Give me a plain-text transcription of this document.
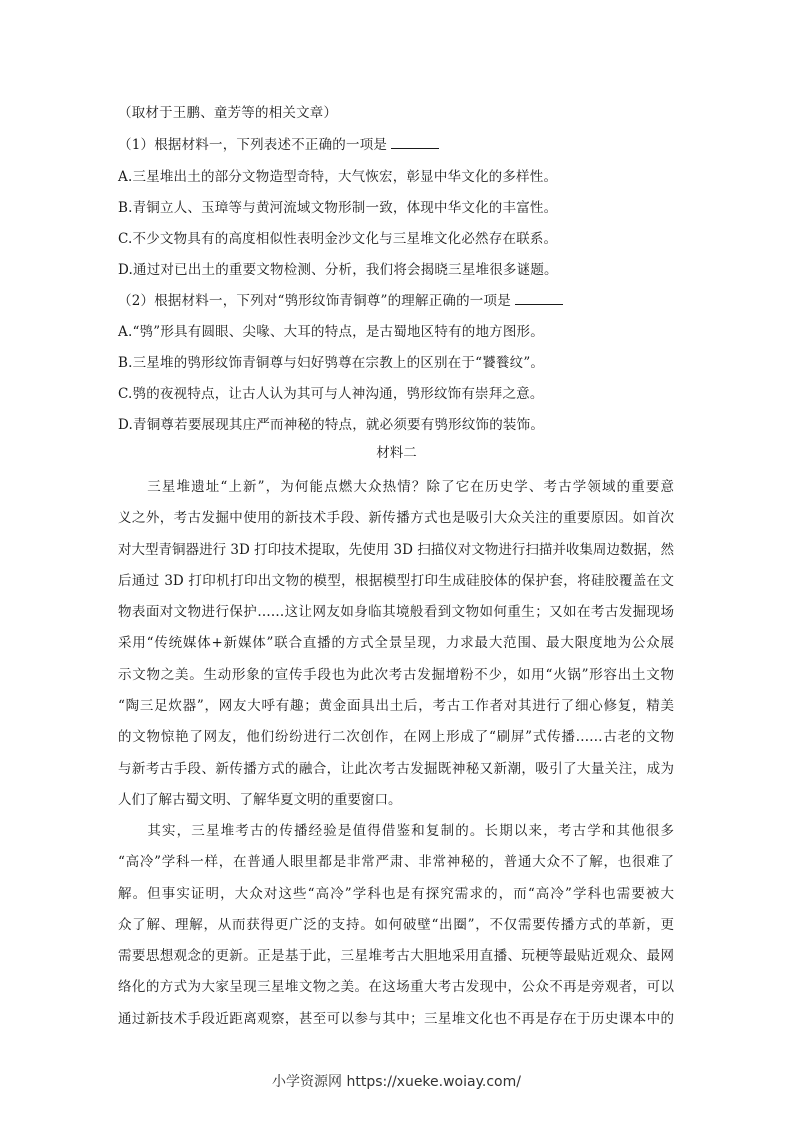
（取材于王鹏、童芳等的相关文章）
（1）根据材料一，下列表述不正确的一项是
A.三星堆出土的部分文物造型奇特，大气恢宏，彰显中华文化的多样性。
B.青铜立人、玉璋等与黄河流域文物形制一致，体现中华文化的丰富性。
C.不少文物具有的高度相似性表明金沙文化与三星堆文化必然存在联系。
D.通过对已出土的重要文物检测、分析，我们将会揭晓三星堆很多谜题。
（2）根据材料一，下列对“鸮形纹饰青铜尊”的理解正确的一项是
A.“鸮”形具有圆眼、尖喙、大耳的特点，是古蜀地区特有的地方图形。
B.三星堆的鸮形纹饰青铜尊与妇好鸮尊在宗教上的区别在于“饕餮纹”。
C.鸮的夜视特点，让古人认为其可与人神沟通，鸮形纹饰有崇拜之意。
D.青铜尊若要展现其庄严而神秘的特点，就必须要有鸮形纹饰的装饰。
材料二
　　三星堆遗址“上新”，为何能点燃大众热情？除了它在历史学、考古学领域的重要意
义之外，考古发掘中使用的新技术手段、新传播方式也是吸引大众关注的重要原因。如首次
对大型青铜器进行 3D 打印技术提取，先使用 3D 扫描仪对文物进行扫描并收集周边数据，然
后通过 3D 打印机打印出文物的模型，根据模型打印生成硅胶体的保护套，将硅胶覆盖在文
物表面对文物进行保护……这让网友如身临其境般看到文物如何重生；又如在考古发掘现场
采用“传统媒体+新媒体”联合直播的方式全景呈现，力求最大范围、最大限度地为公众展
示文物之美。生动形象的宣传手段也为此次考古发掘增粉不少，如用“火锅”形容出土文物
“陶三足炊器”，网友大呼有趣；黄金面具出土后，考古工作者对其进行了细心修复，精美
的文物惊艳了网友，他们纷纷进行二次创作，在网上形成了“刷屏”式传播……古老的文物
与新考古手段、新传播方式的融合，让此次考古发掘既神秘又新潮，吸引了大量关注，成为
人们了解古蜀文明、了解华夏文明的重要窗口。
　　其实，三星堆考古的传播经验是值得借鉴和复制的。长期以来，考古学和其他很多
“高冷”学科一样，在普通人眼里都是非常严肃、非常神秘的，普通大众不了解，也很难了
解。但事实证明，大众对这些“高冷”学科也是有探究需求的，而“高冷”学科也需要被大
众了解、理解，从而获得更广泛的支持。如何破壁“出圈”，不仅需要传播方式的革新，更
需要思想观念的更新。正是基于此，三星堆考古大胆地采用直播、玩梗等最贴近观众、最网
络化的方式为大家呈现三星堆文物之美。在这场重大考古发现中，公众不再是旁观者，可以
通过新技术手段近距离观察，甚至可以参与其中；三星堆文化也不再是存在于历史课本中的
小学资源网 https://xueke.woiay.com/
